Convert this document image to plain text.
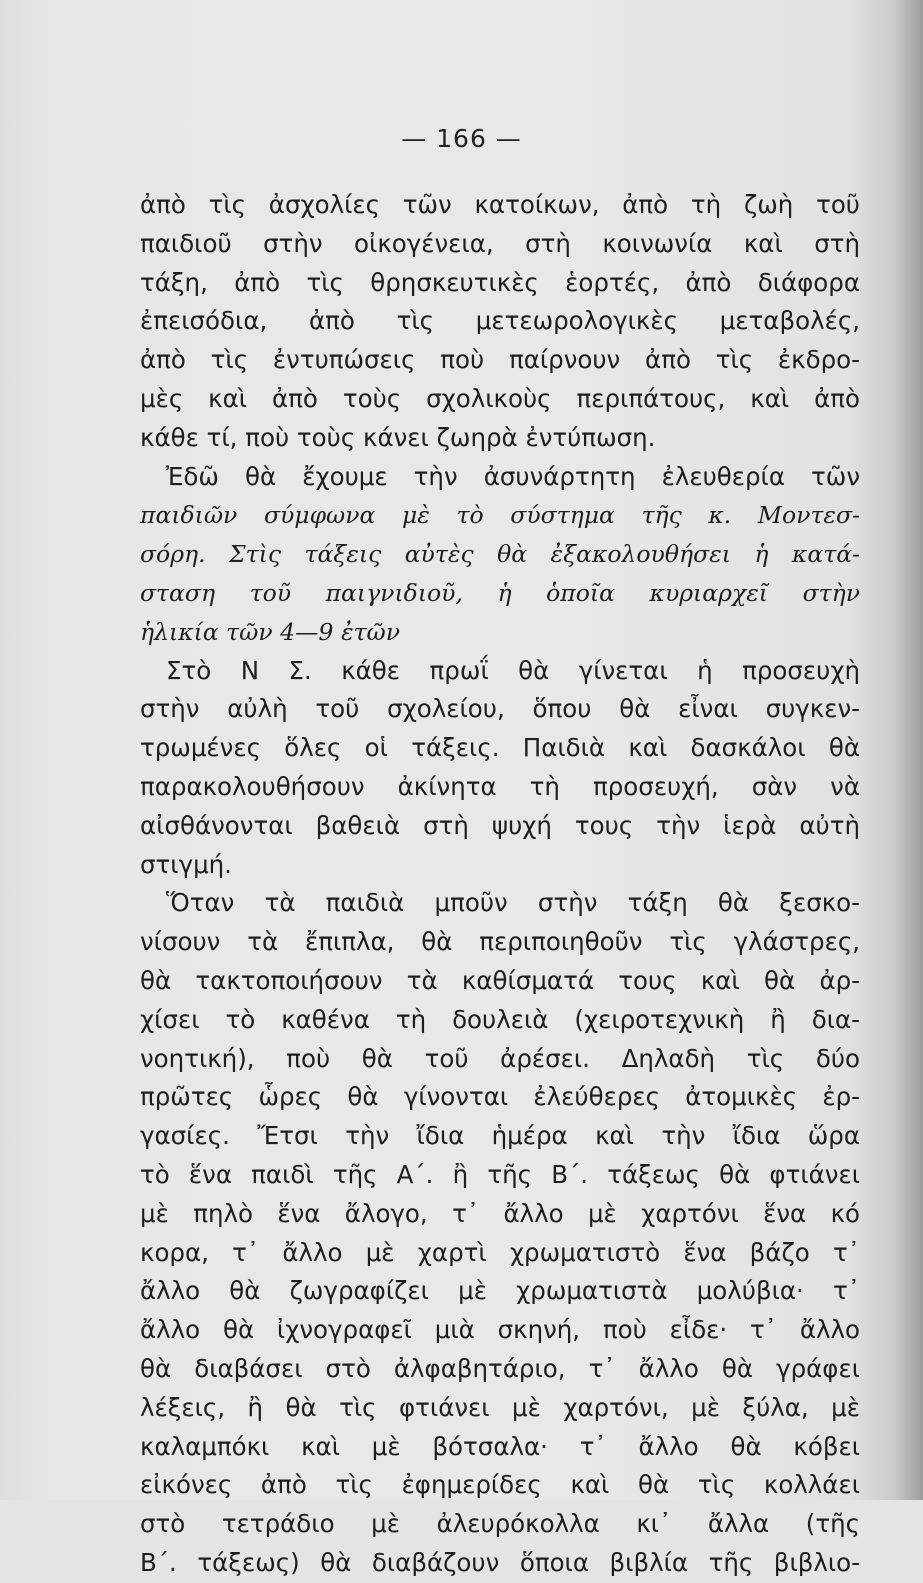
— 166 —
ἀπὸ τὶς ἀσχολίες τῶν κατοίκων, ἀπὸ τὴ ζωὴ τοῦ
παιδιοῦ στὴν οἰκογένεια, στὴ κοινωνία καὶ στὴ
τάξη, ἀπὸ τὶς θρησκευτικὲς ἑορτές, ἀπὸ διάφορα
ἐπεισόδια, ἀπὸ τὶς μετεωρολογικὲς μεταβολές,
ἀπὸ τὶς ἐντυπώσεις ποὺ παίρνουν ἀπὸ τὶς ἐκδρο-
μὲς καὶ ἀπὸ τοὺς σχολικοὺς περιπάτους, καὶ ἀπὸ
κάθε τί, ποὺ τοὺς κάνει ζωηρὰ ἐντύπωση.
Ἐδῶ θὰ ἔχουμε τὴν ἀσυνάρτητη ἐλευθερία τῶν
παιδιῶν σύμφωνα μὲ τὸ σύστημα τῆς κ. Μοντεσ-
σόρη. Στὶς τάξεις αὐτὲς θὰ ἐξακολουθήσει ἡ κατά-
σταση τοῦ παιγνιδιοῦ, ἡ ὁποῖα κυριαρχεῖ στὴν
ἡλικία τῶν 4—9 ἐτῶν
Στὸ Ν Σ. κάθε πρωΐ θὰ γίνεται ἡ προσευχὴ
στὴν αὐλὴ τοῦ σχολείου, ὅπου θὰ εἶναι συγκεν-
τρωμένες ὅλες οἱ τάξεις. Παιδιὰ καὶ δασκάλοι θὰ
παρακολουθήσουν ἀκίνητα τὴ προσευχή, σὰν νὰ
αἰσθάνονται βαθειὰ στὴ ψυχή τους τὴν ἱερὰ αὐτὴ
στιγμή.
Ὅταν τὰ παιδιὰ μποῦν στὴν τάξη θὰ ξεσκο-
νίσουν τὰ ἔπιπλα, θὰ περιποιηθοῦν τὶς γλάστρες,
θὰ τακτοποιήσουν τὰ καθίσματά τους καὶ θὰ ἀρ-
χίσει τὸ καθένα τὴ δουλειὰ (χειροτεχνικὴ ἢ δια-
νοητική), ποὺ θὰ τοῦ ἀρέσει. Δηλαδὴ τὶς δύο
πρῶτες ὧρες θὰ γίνονται ἐλεύθερες ἀτομικὲς ἐρ-
γασίες. Ἔτσι τὴν ἴδια ἡμέρα καὶ τὴν ἴδια ὥρα
τὸ ἕνα παιδὶ τῆς Α΄. ἢ τῆς Β΄. τάξεως θὰ φτιάνει
μὲ πηλὸ ἕνα ἄλογο, τ᾽ ἄλλο μὲ χαρτόνι ἕνα κό
κορα, τ᾽ ἄλλο μὲ χαρτὶ χρωματιστὸ ἕνα βάζο τ᾽
ἄλλο θὰ ζωγραφίζει μὲ χρωματιστὰ μολύβια· τ᾽
ἄλλο θὰ ἰχνογραφεῖ μιὰ σκηνή, ποὺ εἶδε· τ᾽ ἄλλο
θὰ διαβάσει στὸ ἀλφαβητάριο, τ᾽ ἄλλο θὰ γράφει
λέξεις, ἢ θὰ τὶς φτιάνει μὲ χαρτόνι, μὲ ξύλα, μὲ
καλαμπόκι καὶ μὲ βότσαλα· τ᾽ ἄλλο θὰ κόβει
εἰκόνες ἀπὸ τὶς ἐφημερίδες καὶ θὰ τὶς κολλάει
στὸ τετράδιο μὲ ἀλευρόκολλα κι᾽ ἄλλα (τῆς
Β΄. τάξεως) θὰ διαβάζουν ὅποια βιβλία τῆς βιβλιο-
